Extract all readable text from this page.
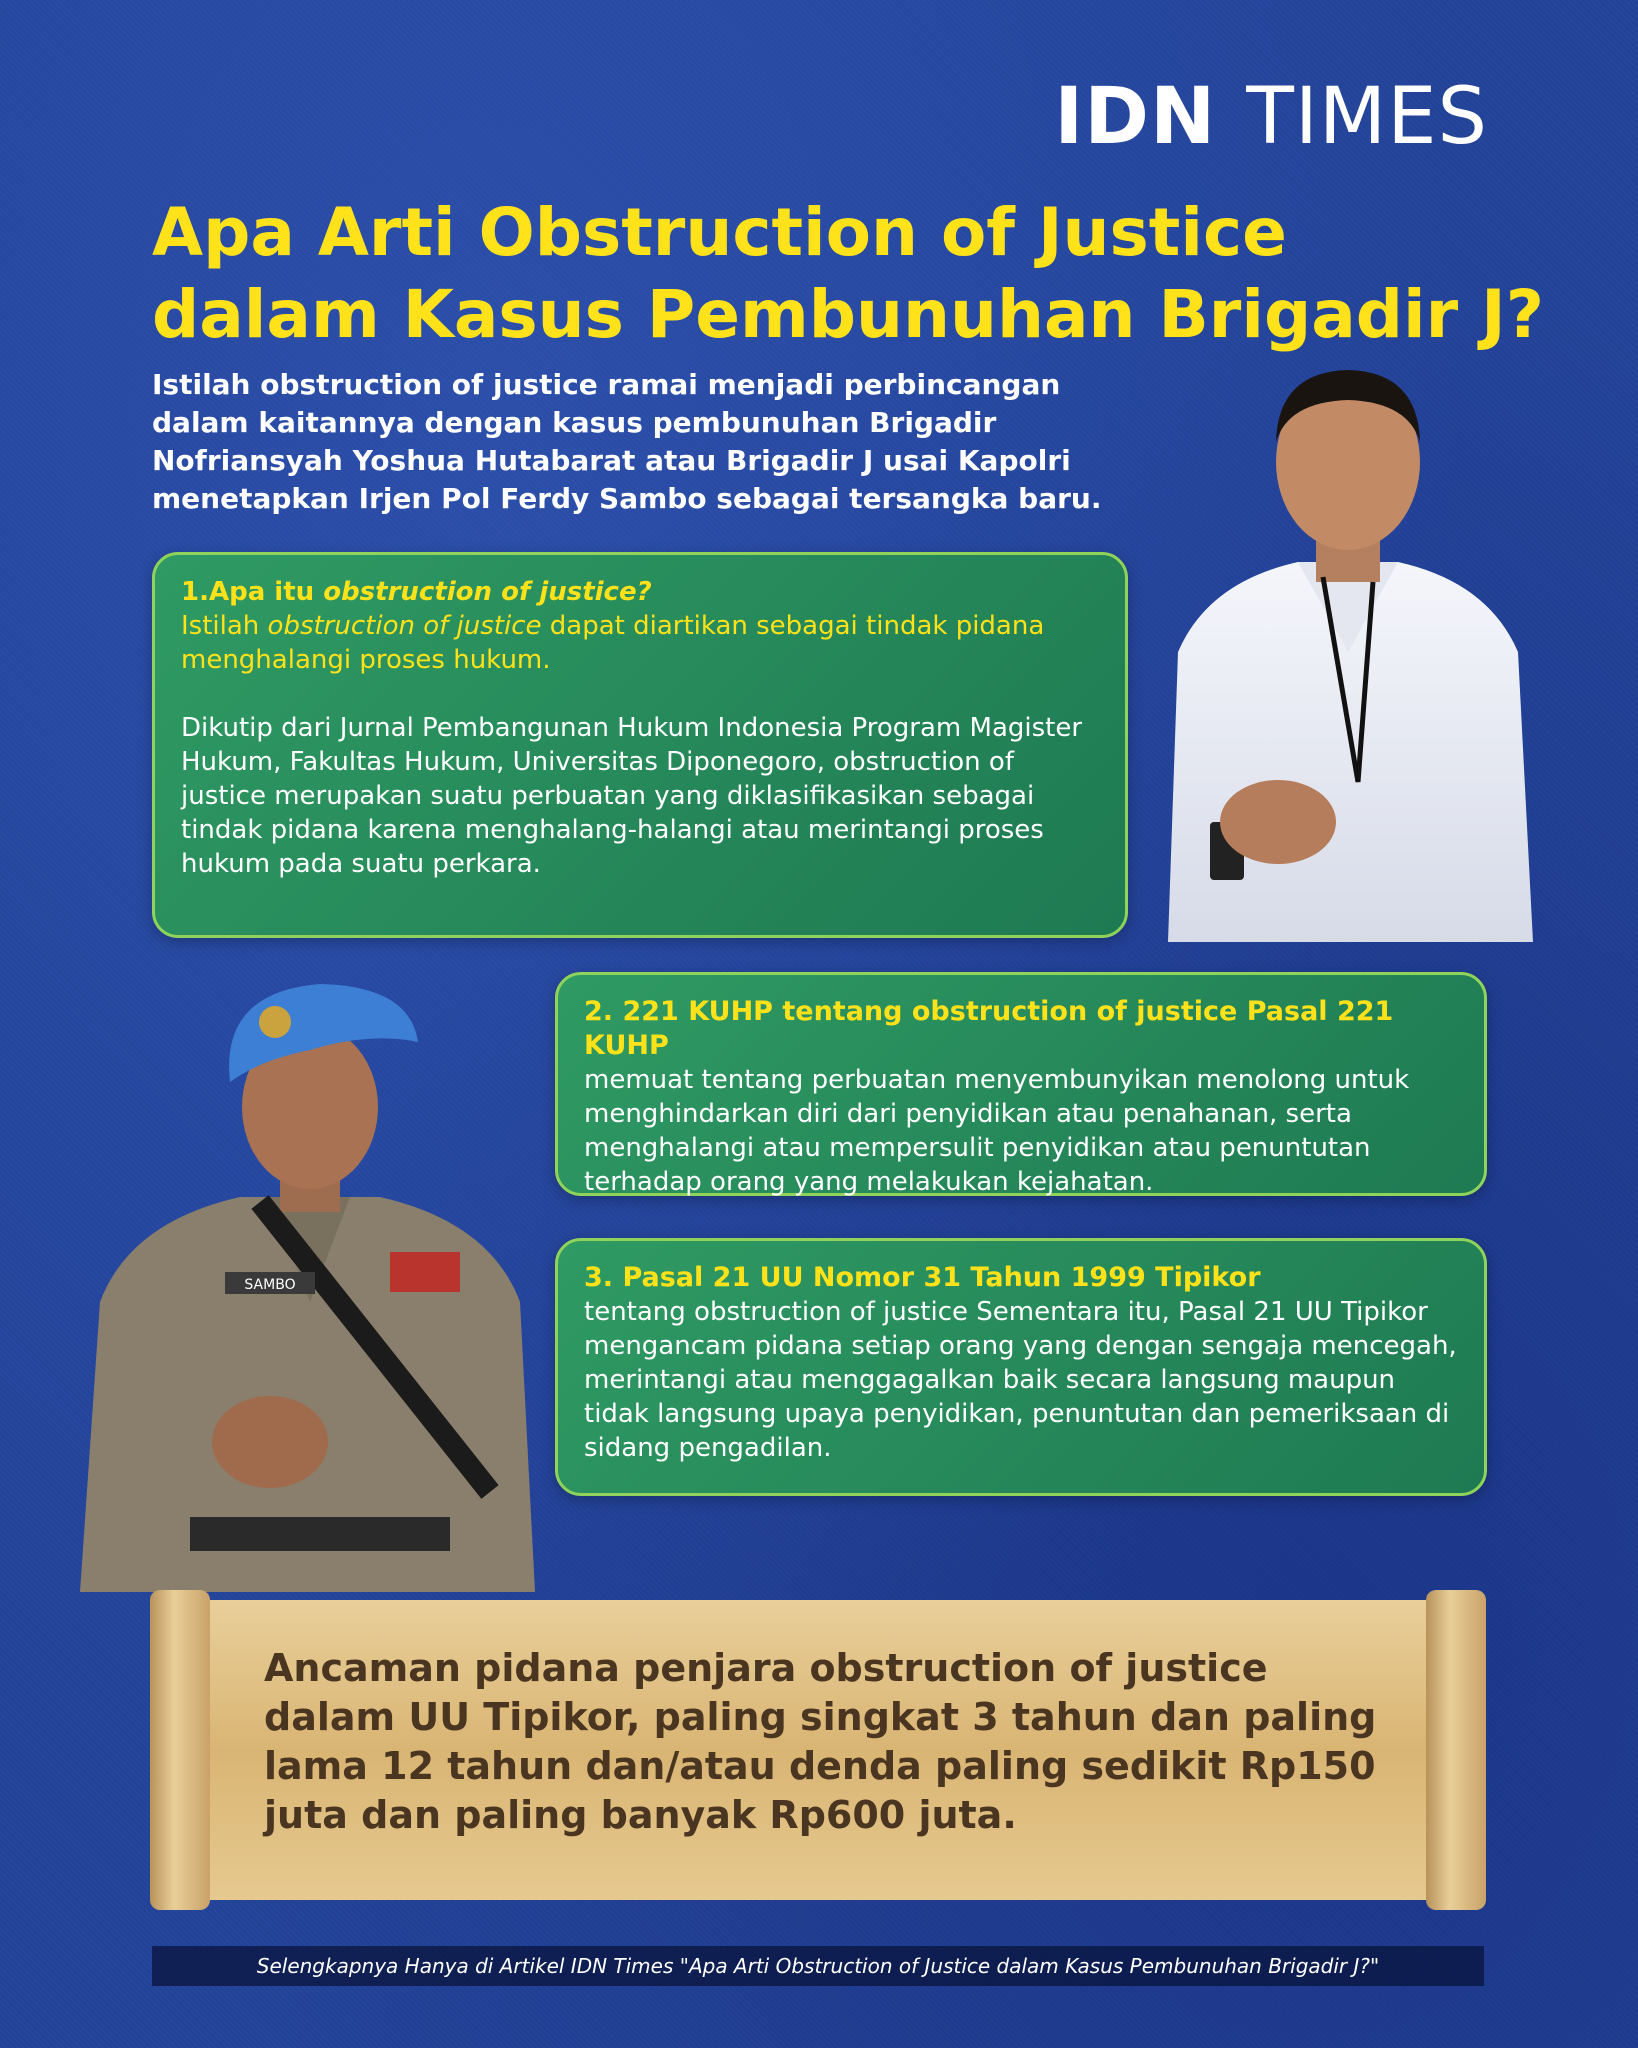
IDN TIMES
Apa Arti Obstruction of Justice
dalam Kasus Pembunuhan Brigadir J?

Istilah obstruction of justice ramai menjadi perbincangan dalam kaitannya dengan kasus pembunuhan Brigadir Nofriansyah Yoshua Hutabarat atau Brigadir J usai Kapolri menetapkan Irjen Pol Ferdy Sambo sebagai tersangka baru.

SAMBO

1.Apa itu obstruction of justice?

Istilah obstruction of justice dapat diartikan sebagai tindak pidana menghalangi proses hukum.

Dikutip dari Jurnal Pembangunan Hukum Indonesia Program Magister Hukum, Fakultas Hukum, Universitas Diponegoro, obstruction of justice merupakan suatu perbuatan yang diklasifikasikan sebagai tindak pidana karena menghalang-halangi atau merintangi proses hukum pada suatu perkara.

2. 221 KUHP tentang obstruction of justice Pasal 221 KUHP

memuat tentang perbuatan menyembunyikan menolong untuk menghindarkan diri dari penyidikan atau penahanan, serta menghalangi atau mempersulit penyidikan atau penuntutan terhadap orang yang melakukan kejahatan.

3. Pasal 21 UU Nomor 31 Tahun 1999 Tipikor

tentang obstruction of justice Sementara itu, Pasal 21 UU Tipikor mengancam pidana setiap orang yang dengan sengaja mencegah, merintangi atau menggagalkan baik secara langsung maupun tidak langsung upaya penyidikan, penuntutan dan pemeriksaan di sidang pengadilan.

Ancaman pidana penjara obstruction of justice dalam UU Tipikor, paling singkat 3 tahun dan paling lama 12 tahun dan/atau denda paling sedikit Rp150 juta dan paling banyak Rp600 juta.

Selengkapnya Hanya di Artikel IDN Times "Apa Arti Obstruction of Justice dalam Kasus Pembunuhan Brigadir J?"
